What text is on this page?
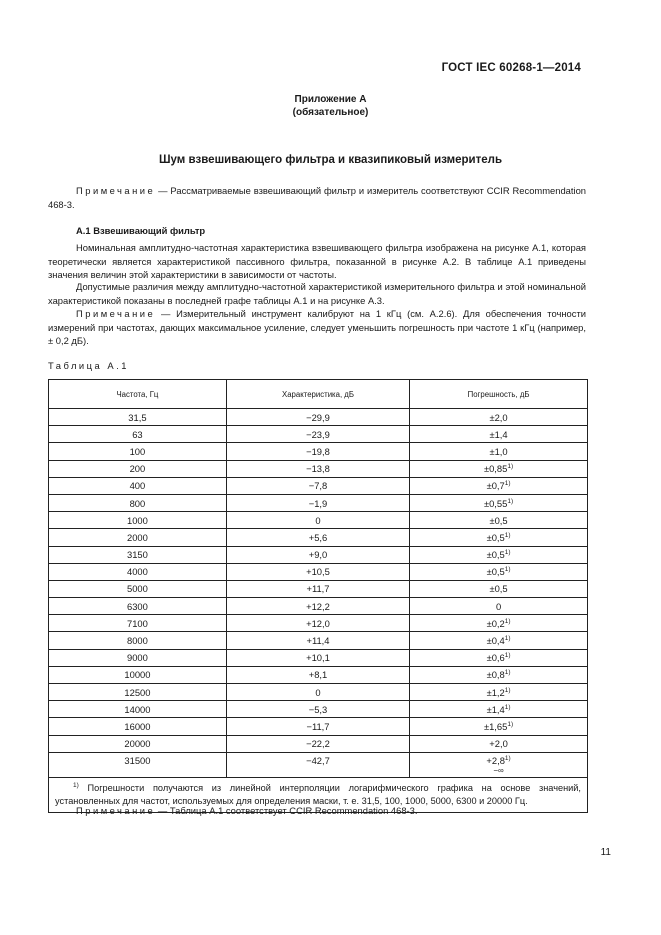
ГОСТ IEC 60268-1—2014
Приложение А
(обязательное)
Шум взвешивающего фильтра и квазипиковый измеритель
Примечание — Рассматриваемые взвешивающий фильтр и измеритель соответствуют CCIR Recommendation 468-3.
А.1 Взвешивающий фильтр
Номинальная амплитудно-частотная характеристика взвешивающего фильтра изображена на рисунке А.1, которая теоретически является характеристикой пассивного фильтра, показанной в рисунке А.2. В таблице А.1 приведены значения величин этой характеристики в зависимости от частоты.
Допустимые различия между амплитудно-частотной характеристикой измерительного фильтра и этой номинальной характеристикой показаны в последней графе таблицы А.1 и на рисунке А.3.
Примечание — Измерительный инструмент калибруют на 1 кГц (см. А.2.6). Для обеспечения точности измерений при частотах, дающих максимальное усиление, следует уменьшить погрешность при частоте 1 кГц (например, ± 0,2 дБ).
Таблица А.1
Частота, Гц	Характеристика, дБ	Погрешность, дБ
31,5	−29,9	±2,0
63	−23,9	±1,4
100	−19,8	±1,0
200	−13,8	$\pm 0,85^{1)}$
400	−7,8	$\pm 0,7^{1)}$
800	−1,9	$\pm 0,55^{1)}$
1000	0	±0,5
2000	+5,6	$\pm 0,5^{1)}$
3150	+9,0	$\pm 0,5^{1)}$
4000	+10,5	$\pm 0,5^{1)}$
5000	+11,7	±0,5
6300	+12,2	0
7100	+12,0	$\pm 0,2^{1)}$
8000	+11,4	$\pm 0,4^{1)}$
9000	+10,1	$\pm 0,6^{1)}$
10000	+8,1	$\pm 0,8^{1)}$
12500	0	$\pm 1,2^{1)}$
14000	−5,3	$\pm 1,4^{1)}$
16000	−11,7	$\pm 1,65^{1)}$
20000	−22,2	+2,0
31500	−42,7	$+2,8^{1)}$
−∞

$^{1)}$ Погрешности получаются из линейной интерполяции логарифмического графика на основе значений, установленных для частот, используемых для определения маски, т. е. 31,5, 100, 1000, 5000, 6300 и 20000 Гц.		
Примечание — Таблица А.1 соответствует CCIR Recommendation 468-3.
11
